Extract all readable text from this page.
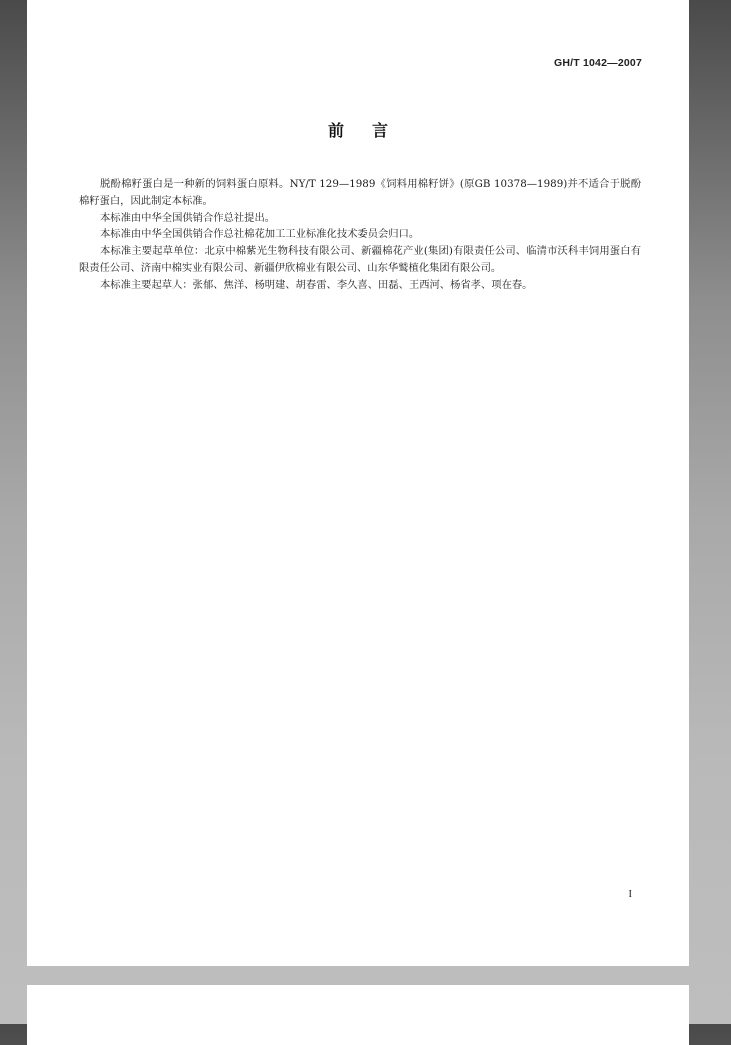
GH/T 1042—2007
前言

脱酚棉籽蛋白是一种新的饲料蛋白原料。NY/T 129—1989《饲料用棉籽饼》(原GB 10378—1989)并不适合于脱酚棉籽蛋白，因此制定本标准。

本标准由中华全国供销合作总社提出。

本标准由中华全国供销合作总社棉花加工工业标准化技术委员会归口。

本标准主要起草单位：北京中棉紫光生物科技有限公司、新疆棉花产业(集团)有限责任公司、临清市沃科丰饲用蛋白有限责任公司、济南中棉实业有限公司、新疆伊欣棉业有限公司、山东华鹫植化集团有限公司。

本标准主要起草人：张郁、焦洋、杨明建、胡春雷、李久喜、田磊、王西河、杨省孝、项在春。

I
